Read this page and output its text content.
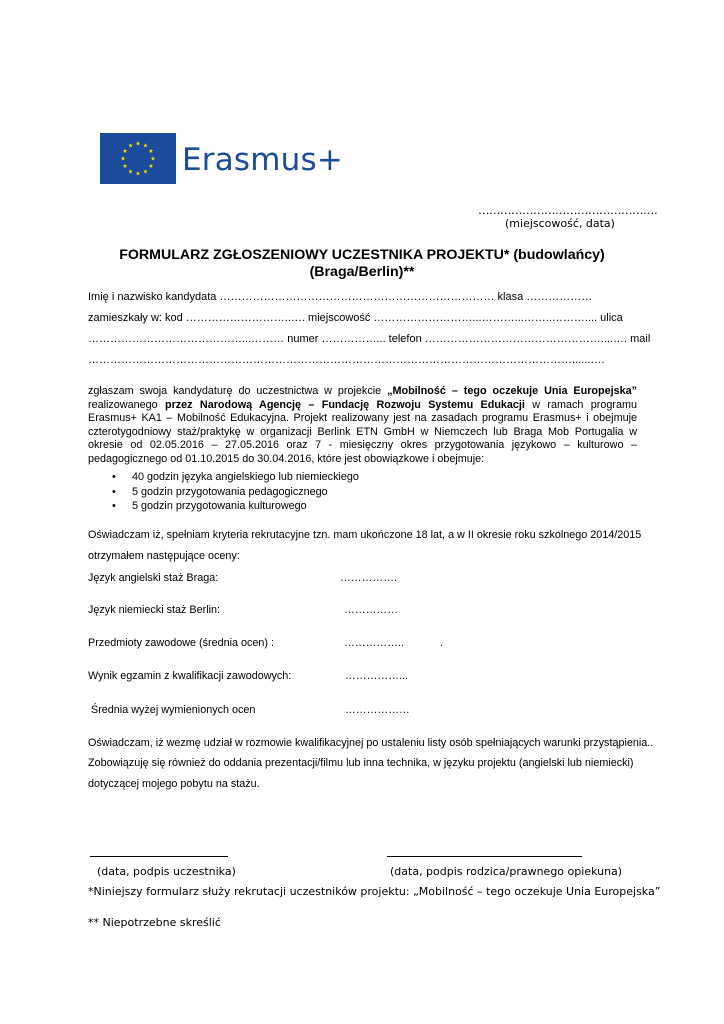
Erasmus+
………………………………………….
(miejscowość, data)
FORMULARZ ZGŁOSZENIOWY UCZESTNIKA PROJEKTU* (budowlańcy)
(Braga/Berlin)**
Imię i nazwisko kandydata ………………………………………………………………… klasa ………………
zamieszkały w: kod ………………………..…. miejscowość ………………………...………...……..……….... ulica
……………………………………...……… numer ……………... telefon …………………………………………....…. mail
……………………………………………………………………………………………………………………......….
zgłaszam swoja kandydaturę do uczestnictwa w projekcie „Mobilność – tego oczekuje Unia Europejska” realizowanego przez Narodową Agencję – Fundację Rozwoju Systemu Edukacji w ramach programu Erasmus+ KA1 – Mobilność Edukacyjna. Projekt realizowany jest na zasadach programu Erasmus+ i obejmuje czterotygodniowy staż/praktykę w organizacji Berlink ETN GmbH w Niemczech lub Braga Mob Portugalia w okresie od 02.05.2016 – 27.05.2016 oraz 7 - miesięczny okres przygotowania językowo – kulturowo – pedagogicznego od 01.10.2015 do 30.04.2016, które jest obowiązkowe i obejmuje:
• 40 godzin języka angielskiego lub niemieckiego
• 5 godzin przygotowania pedagogicznego
• 5 godzin przygotowania kulturowego
Oświadczam iż, spełniam kryteria rekrutacyjne tzn. mam ukończone 18 lat, a w II okresie roku szkolnego 2014/2015
otrzymałem następujące oceny:
Język angielski staż Braga:	…………….
Język niemiecki staż Berlin:	……………
Przedmioty zawodowe (średnia ocen) :	……………..            .
Wynik egzamin z kwalifikacji zawodowych:	……………...
Średnia wyżej wymienionych ocen	………………
Oświadczam, iż wezmę udział w rozmowie kwalifikacyjnej po ustaleniu listy osób spełniających warunki przystąpienia..
Zobowiązuję się również do oddania prezentacji/filmu lub inna technika, w języku projektu (angielski lub niemiecki)
dotyczącej mojego pobytu na stażu.
(data, podpis uczestnika)	(data, podpis rodzica/prawnego opiekuna)
*Niniejszy formularz służy rekrutacji uczestników projektu: „Mobilność – tego oczekuje Unia Europejska”
** Niepotrzebne skreślić
